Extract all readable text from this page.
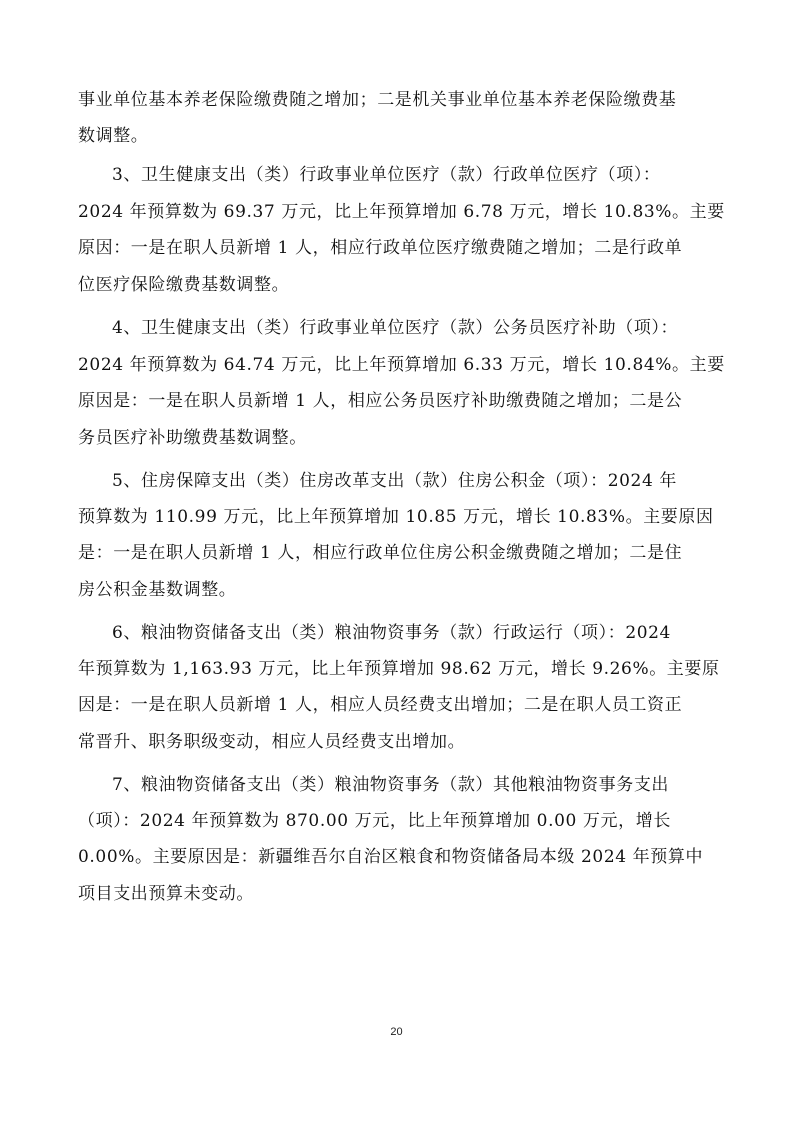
事业单位基本养老保险缴费随之增加；二是机关事业单位基本养老保险缴费基
数调整。
3、卫生健康支出（类）行政事业单位医疗（款）行政单位医疗（项）：
2024 年预算数为 69.37 万元，比上年预算增加 6.78 万元，增长 10.83%。主要
原因：一是在职人员新增 1 人，相应行政单位医疗缴费随之增加；二是行政单
位医疗保险缴费基数调整。
4、卫生健康支出（类）行政事业单位医疗（款）公务员医疗补助（项）：
2024 年预算数为 64.74 万元，比上年预算增加 6.33 万元，增长 10.84%。主要
原因是：一是在职人员新增 1 人，相应公务员医疗补助缴费随之增加；二是公
务员医疗补助缴费基数调整。
5、住房保障支出（类）住房改革支出（款）住房公积金（项）：2024 年
预算数为 110.99 万元，比上年预算增加 10.85 万元，增长 10.83%。主要原因
是：一是在职人员新增 1 人，相应行政单位住房公积金缴费随之增加；二是住
房公积金基数调整。
6、粮油物资储备支出（类）粮油物资事务（款）行政运行（项）：2024
年预算数为 1,163.93 万元，比上年预算增加 98.62 万元，增长 9.26%。主要原
因是：一是在职人员新增 1 人，相应人员经费支出增加；二是在职人员工资正
常晋升、职务职级变动，相应人员经费支出增加。
7、粮油物资储备支出（类）粮油物资事务（款）其他粮油物资事务支出
（项）：2024 年预算数为 870.00 万元，比上年预算增加 0.00 万元，增长
0.00%。主要原因是：新疆维吾尔自治区粮食和物资储备局本级 2024 年预算中
项目支出预算未变动。
20
